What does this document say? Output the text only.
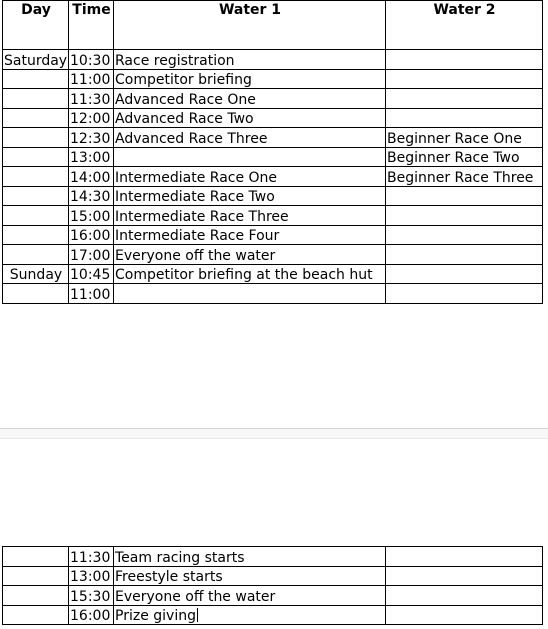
Day	Time	Water 1	Water 2
Saturday	10:30	Race registration	
	11:00	Competitor briefing	
	11:30	Advanced Race One	
	12:00	Advanced Race Two	
	12:30	Advanced Race Three	Beginner Race One
	13:00		Beginner Race Two
	14:00	Intermediate Race One	Beginner Race Three
	14:30	Intermediate Race Two	
	15:00	Intermediate Race Three	
	16:00	Intermediate Race Four	
	17:00	Everyone off the water	
Sunday	10:45	Competitor briefing at the beach hut	
	11:00		
	11:30	Team racing starts	
	13:00	Freestyle starts	
	15:30	Everyone off the water	
	16:00	Prize giving	
